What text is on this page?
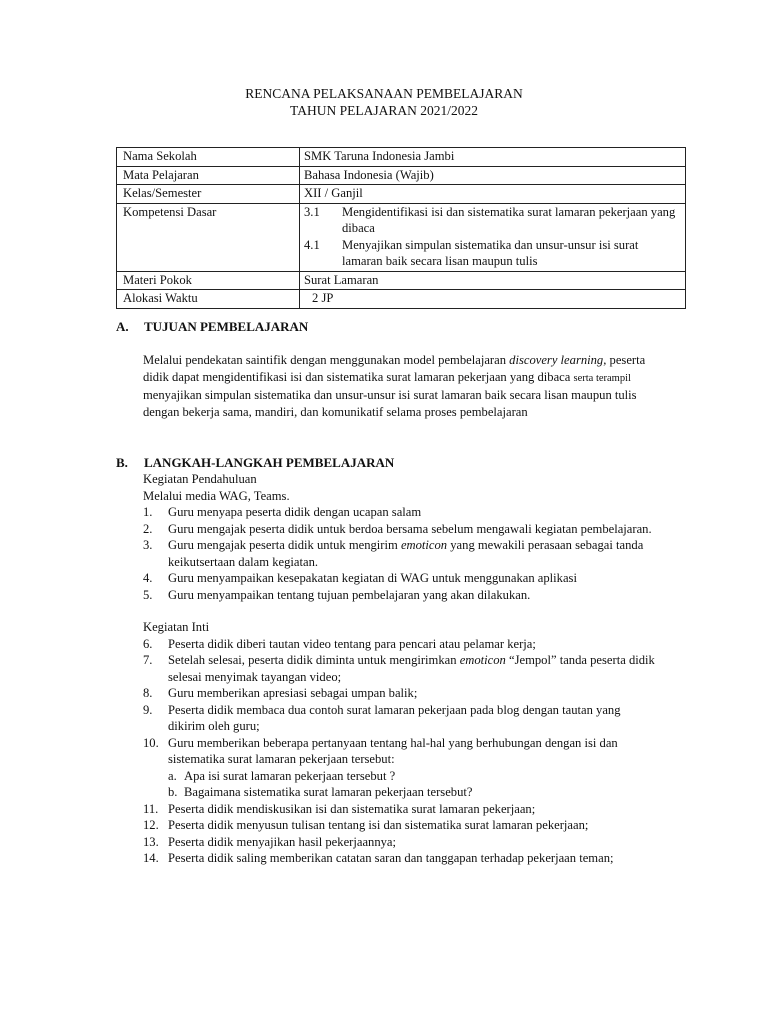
RENCANA PELAKSANAAN PEMBELAJARAN
TAHUN PELAJARAN 2021/2022
Nama Sekolah	SMK Taruna Indonesia Jambi
Mata Pelajaran	Bahasa Indonesia (Wajib)
Kelas/Semester	XII / Ganjil
Kompetensi Dasar	3.1 Mengidentifikasi isi dan sistematika surat lamaran pekerjaan yang dibaca
4.1 Menyajikan simpulan sistematika dan unsur-unsur isi surat lamaran baik secara lisan maupun tulis

Materi Pokok	Surat Lamaran
Alokasi Waktu	2 JP
A. TUJUAN PEMBELAJARAN

Melalui pendekatan saintifik dengan menggunakan model pembelajaran discovery learning, peserta didik dapat mengidentifikasi isi dan sistematika surat lamaran pekerjaan yang dibaca serta terampil menyajikan simpulan sistematika dan unsur-unsur isi surat lamaran baik secara lisan maupun tulis dengan bekerja sama, mandiri, dan komunikatif selama proses pembelajaran

B. LANGKAH-LANGKAH PEMBELAJARAN
Kegiatan Pendahuluan
Melalui media WAG, Teams.
1.	Guru menyapa peserta didik dengan ucapan salam
2.	Guru mengajak peserta didik untuk berdoa bersama sebelum mengawali kegiatan pembelajaran.
3.	Guru mengajak peserta didik untuk mengirim emoticon yang mewakili perasaan sebagai tanda keikutsertaan dalam kegiatan.
4.	Guru menyampaikan kesepakatan kegiatan di WAG untuk menggunakan aplikasi
5.	Guru menyampaikan tentang tujuan pembelajaran yang akan dilakukan.
Kegiatan Inti
6.	Peserta didik diberi tautan video tentang para pencari atau pelamar kerja;
7.	Setelah selesai, peserta didik diminta untuk mengirimkan emoticon “Jempol” tanda peserta didik selesai menyimak tayangan video;
8.	Guru memberikan apresiasi sebagai umpan balik;
9.	Peserta didik membaca dua contoh surat lamaran pekerjaan pada blog dengan tautan yang dikirim oleh guru;
10. Guru memberikan beberapa pertanyaan tentang hal-hal yang berhubungan dengan isi dan sistematika surat lamaran pekerjaan tersebut:
a. Apa isi surat lamaran pekerjaan tersebut ?
b. Bagaimana sistematika surat lamaran pekerjaan tersebut?
11. Peserta didik mendiskusikan isi dan sistematika surat lamaran pekerjaan;
12. Peserta didik menyusun tulisan tentang isi dan sistematika surat lamaran pekerjaan;
13. Peserta didik menyajikan hasil pekerjaannya;
14. Peserta didik saling memberikan catatan saran dan tanggapan terhadap pekerjaan teman;
